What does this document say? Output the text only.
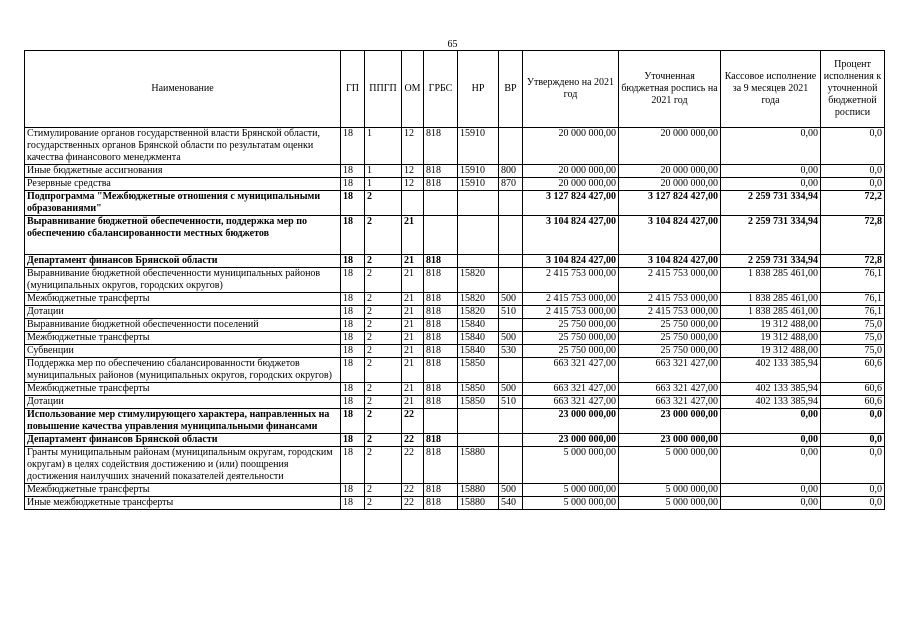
65
Наименование	ГП	ППГП	ОМ	ГРБС	НР	ВР	Утверждено на 2021 год	Уточненная бюджетная роспись на 2021 год	Кассовое исполнение за 9 месяцев 2021 года	Процент исполнения к уточненной бюджетной росписи
Стимулирование органов государственной власти Брянской области, государственных органов Брянской области по результатам оценки качества финансового менеджмента	18	1	12	818	15910		20 000 000,00	20 000 000,00	0,00	0,0
Иные бюджетные ассигнования	18	1	12	818	15910	800	20 000 000,00	20 000 000,00	0,00	0,0
Резервные средства	18	1	12	818	15910	870	20 000 000,00	20 000 000,00	0,00	0,0
Подпрограмма "Межбюджетные отношения с муниципальными образованиями"	18	2					3 127 824 427,00	3 127 824 427,00	2 259 731 334,94	72,2
Выравнивание бюджетной обеспеченности, поддержка мер по обеспечению сбалансированности местных бюджетов	18	2	21				3 104 824 427,00	3 104 824 427,00	2 259 731 334,94	72,8
Департамент финансов Брянской области	18	2	21	818			3 104 824 427,00	3 104 824 427,00	2 259 731 334,94	72,8
Выравнивание бюджетной обеспеченности муниципальных районов (муниципальных округов, городских округов)	18	2	21	818	15820		2 415 753 000,00	2 415 753 000,00	1 838 285 461,00	76,1
Межбюджетные трансферты	18	2	21	818	15820	500	2 415 753 000,00	2 415 753 000,00	1 838 285 461,00	76,1
Дотации	18	2	21	818	15820	510	2 415 753 000,00	2 415 753 000,00	1 838 285 461,00	76,1
Выравнивание бюджетной обеспеченности поселений	18	2	21	818	15840		25 750 000,00	25 750 000,00	19 312 488,00	75,0
Межбюджетные трансферты	18	2	21	818	15840	500	25 750 000,00	25 750 000,00	19 312 488,00	75,0
Субвенции	18	2	21	818	15840	530	25 750 000,00	25 750 000,00	19 312 488,00	75,0
Поддержка мер по обеспечению сбалансированности бюджетов муниципальных районов (муниципальных округов, городских округов)	18	2	21	818	15850		663 321 427,00	663 321 427,00	402 133 385,94	60,6
Межбюджетные трансферты	18	2	21	818	15850	500	663 321 427,00	663 321 427,00	402 133 385,94	60,6
Дотации	18	2	21	818	15850	510	663 321 427,00	663 321 427,00	402 133 385,94	60,6
Использование мер стимулирующего характера, направленных на повышение качества управления муниципальными финансами	18	2	22				23 000 000,00	23 000 000,00	0,00	0,0
Департамент финансов Брянской области	18	2	22	818			23 000 000,00	23 000 000,00	0,00	0,0
Гранты муниципальным районам (муниципальным округам, городским округам) в целях содействия достижению и (или) поощрения достижения наилучших значений показателей деятельности	18	2	22	818	15880		5 000 000,00	5 000 000,00	0,00	0,0
Межбюджетные трансферты	18	2	22	818	15880	500	5 000 000,00	5 000 000,00	0,00	0,0
Иные межбюджетные трансферты	18	2	22	818	15880	540	5 000 000,00	5 000 000,00	0,00	0,0
